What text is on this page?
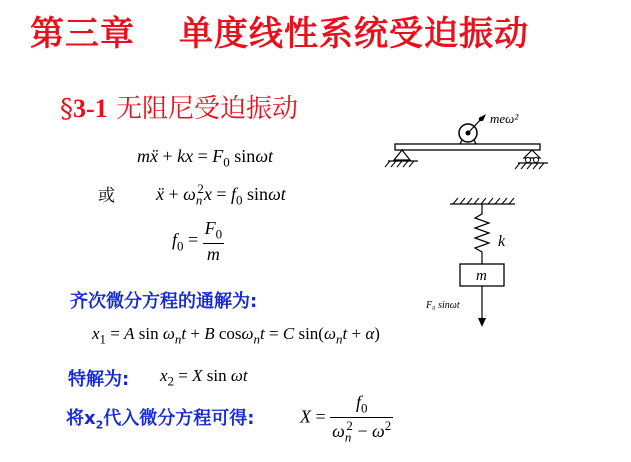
第三章 单度线性系统受迫振动
§3-1 无阻尼受迫振动
mẍ + kx = $F_0$ sinωt
或 ẍ + $\omega_n^2x = f_0$ sinωt
$f_0 = \frac{F_0}{m}$
齐次微分方程的通解为:
$x_1 = A$ $\sin \omega_nt + B$ cosω$_n$t = C $\sin(\omega_nt + \alpha)$
特解为: $x_2 = X$ sin ωt
将$x_2$代入微分方程可得:	$X = \frac{f_0}{\omega_n^2 - \omega^2}$
meω²
k
m
F₀ sinωt
